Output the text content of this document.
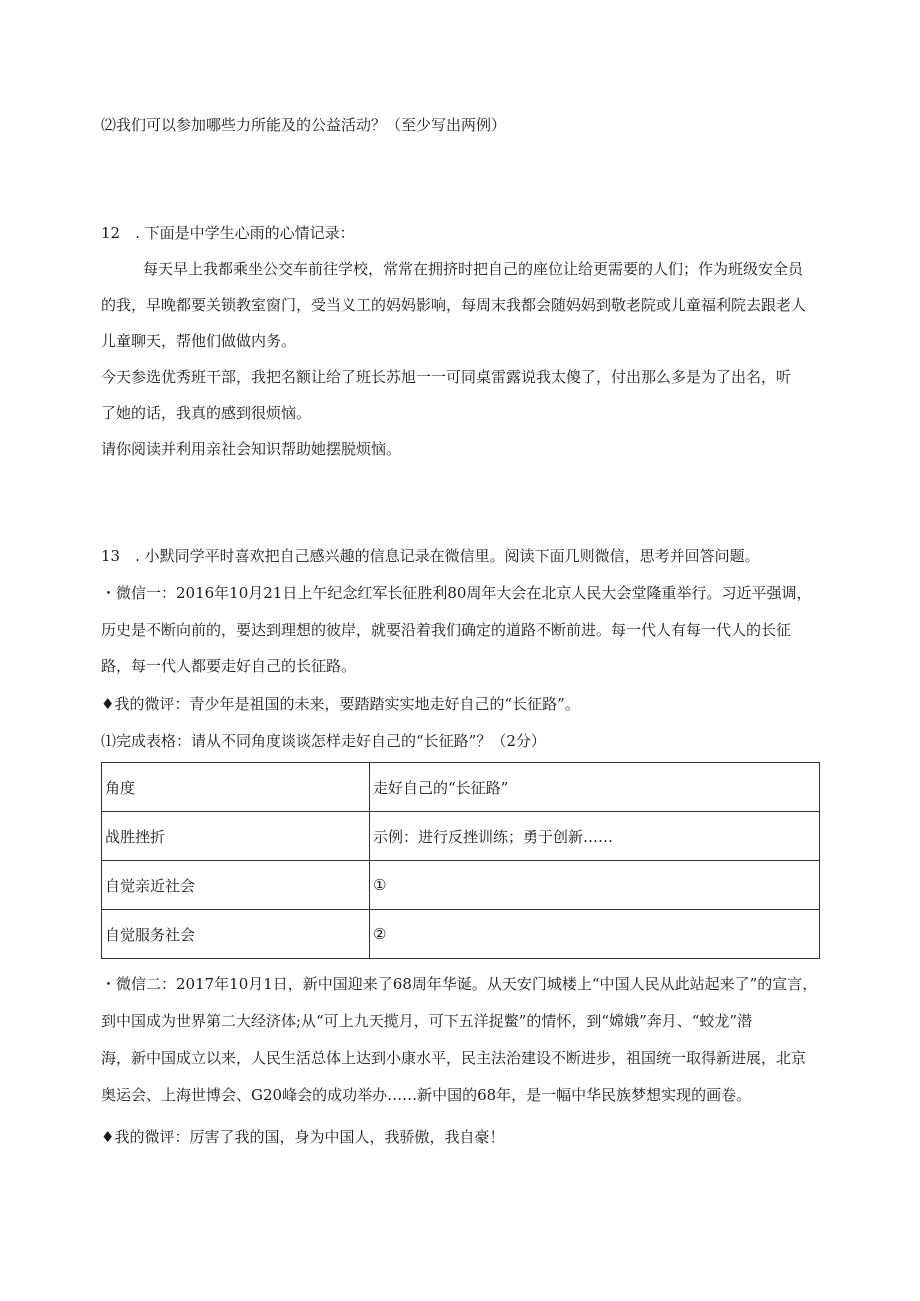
⑵我们可以参加哪些力所能及的公益活动？（至少写出两例）
12　. 下面是中学生心雨的心情记录：
每天早上我都乘坐公交车前往学校，常常在拥挤时把自己的座位让给更需要的人们；作为班级安全员
的我，早晚都要关锁教室窗门，受当义工的妈妈影响，每周末我都会随妈妈到敬老院或儿童福利院去跟老人
儿童聊天，帮他们做做内务。
今天参选优秀班干部，我把名额让给了班长苏旭一一可同桌雷露说我太傻了，付出那么多是为了出名，听
了她的话，我真的感到很烦恼。
请你阅读并利用亲社会知识帮助她摆脱烦恼。
13　. 小默同学平时喜欢把自己感兴趣的信息记录在微信里。阅读下面几则微信，思考并回答问题。
・微信一：2016年10月21日上午纪念红军长征胜利80周年大会在北京人民大会堂隆重举行。习近平强调，
历史是不断向前的，要达到理想的彼岸，就要沿着我们确定的道路不断前进。每一代人有每一代人的长征
路，每一代人都要走好自己的长征路。
♦我的微评：青少年是祖国的未来，要踏踏实实地走好自己的“长征路”。
⑴完成表格：请从不同角度谈谈怎样走好自己的“长征路”？（2分）
角度	走好自己的“长征路”
战胜挫折	示例：进行反挫训练；勇于创新……
自觉亲近社会	①
自觉服务社会	②
・微信二：2017年10月1日，新中国迎来了68周年华诞。从天安门城楼上“中国人民从此站起来了”的宣言，
到中国成为世界第二大经济体;从“可上九天揽月，可下五洋捉鳖”的情怀，到“嫦娥”奔月、“蛟龙”潜
海，新中国成立以来，人民生活总体上达到小康水平，民主法治建设不断进步，祖国统一取得新进展，北京
奥运会、上海世博会、G20峰会的成功举办……新中国的68年，是一幅中华民族梦想实现的画卷。
♦我的微评：厉害了我的国，身为中国人，我骄傲，我自豪！
